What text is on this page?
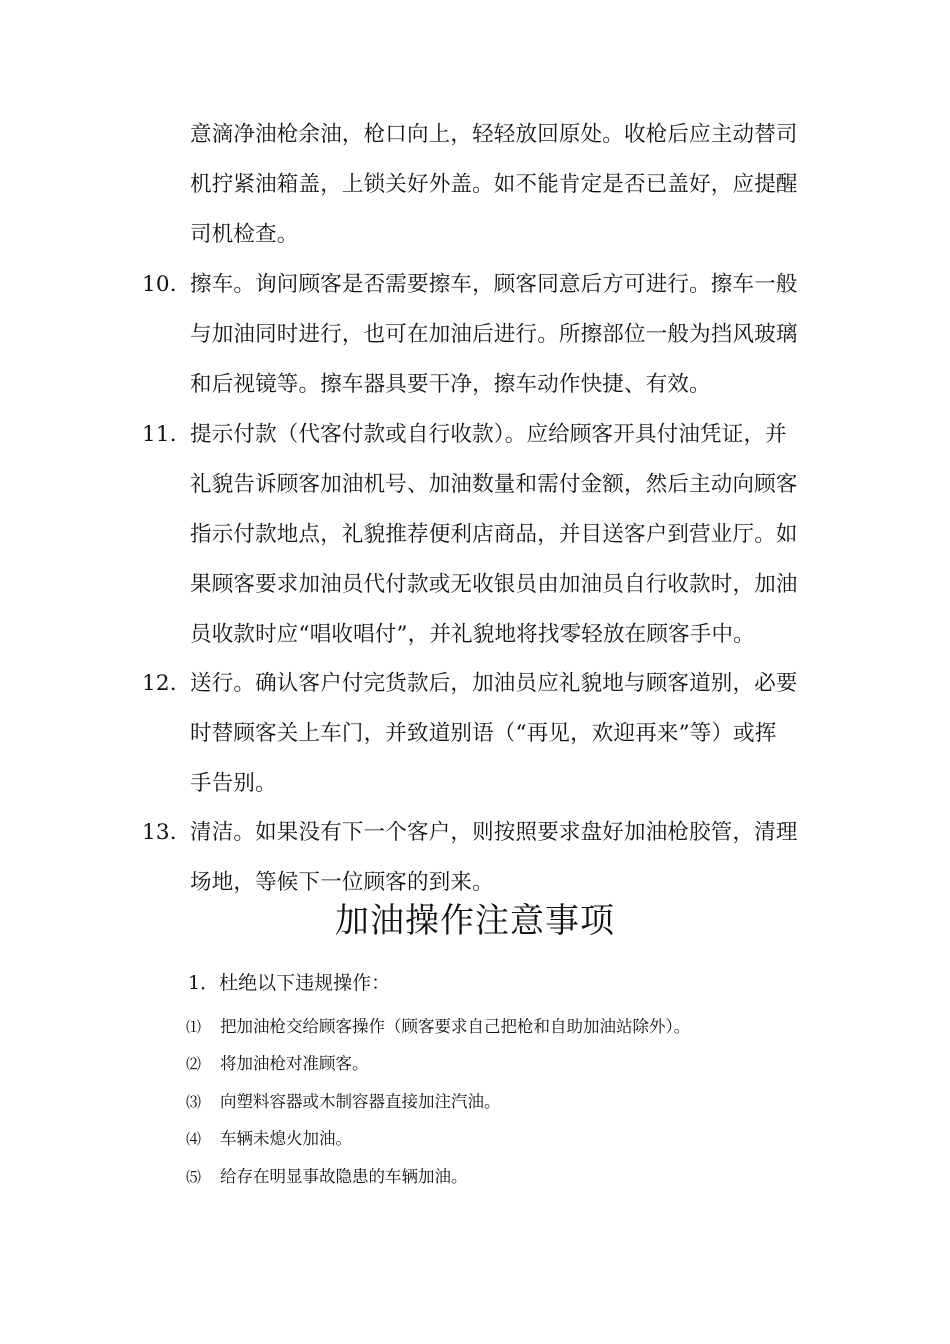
意滴净油枪余油，枪口向上，轻轻放回原处。收枪后应主动替司
机拧紧油箱盖，上锁关好外盖。如不能肯定是否已盖好，应提醒
司机检查。
10. 擦车。询问顾客是否需要擦车，顾客同意后方可进行。擦车一般
与加油同时进行，也可在加油后进行。所擦部位一般为挡风玻璃
和后视镜等。擦车器具要干净，擦车动作快捷、有效。
11. 提示付款（代客付款或自行收款）。应给顾客开具付油凭证，并
礼貌告诉顾客加油机号、加油数量和需付金额，然后主动向顾客
指示付款地点，礼貌推荐便利店商品，并目送客户到营业厅。如
果顾客要求加油员代付款或无收银员由加油员自行收款时，加油
员收款时应“唱收唱付”，并礼貌地将找零轻放在顾客手中。
12. 送行。确认客户付完货款后，加油员应礼貌地与顾客道别，必要
时替顾客关上车门，并致道别语（“再见，欢迎再来”等）或挥
手告别。
13. 清洁。如果没有下一个客户，则按照要求盘好加油枪胶管，清理
场地，等候下一位顾客的到来。
加油操作注意事项
1．杜绝以下违规操作：
⑴ 把加油枪交给顾客操作（顾客要求自己把枪和自助加油站除外）。
⑵ 将加油枪对准顾客。
⑶ 向塑料容器或木制容器直接加注汽油。
⑷ 车辆未熄火加油。
⑸ 给存在明显事故隐患的车辆加油。
